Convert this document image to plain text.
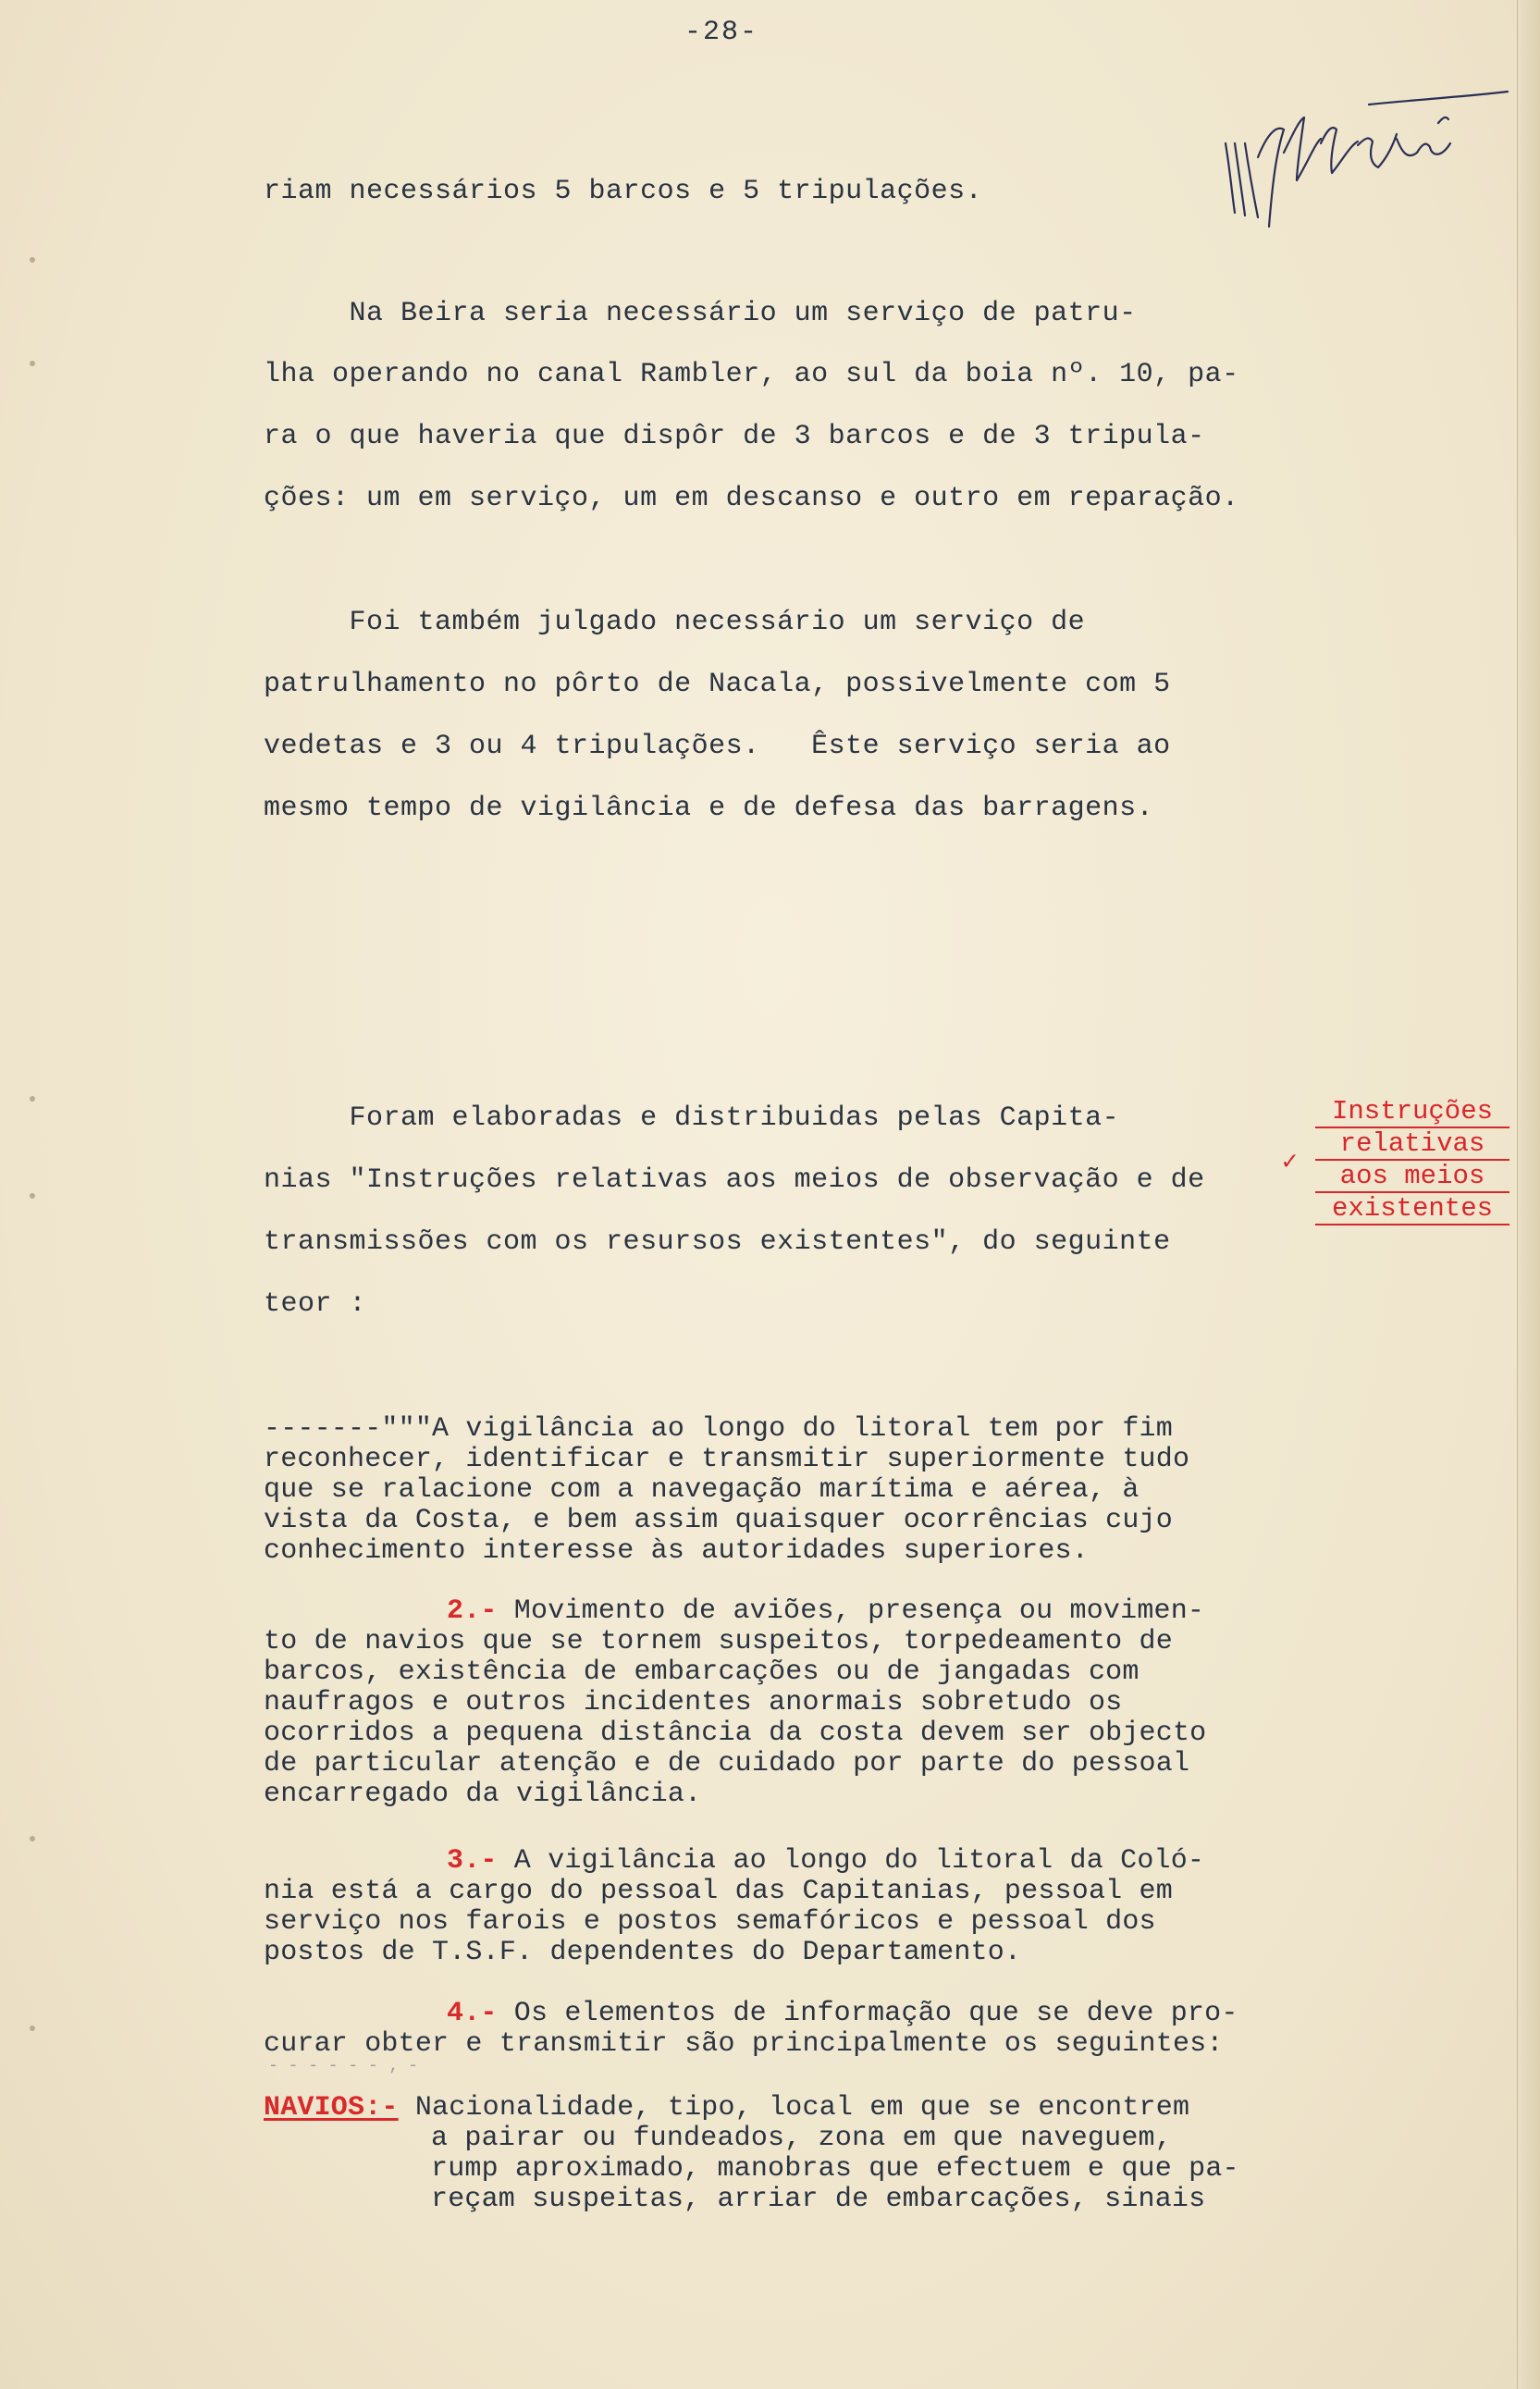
-28-
riam necessários 5 barcos e 5 tripulações.
Na Beira seria necessário um serviço de patru-
lha operando no canal Rambler, ao sul da boia nº. 10, pa-
ra o que haveria que dispôr de 3 barcos e de 3 tripula-
ções: um em serviço, um em descanso e outro em reparação.
Foi também julgado necessário um serviço de
patrulhamento no pôrto de Nacala, possivelmente com 5
vedetas e 3 ou 4 tripulações.   Êste serviço seria ao
mesmo tempo de vigilância e de defesa das barragens.
Foram elaboradas e distribuidas pelas Capita-
nias "Instruções relativas aos meios de observação e de
transmissões com os resursos existentes", do seguinte
teor :
✓
Instruções
relativas
aos meios
existentes
-------"""A vigilância ao longo do litoral tem por fim
reconhecer, identificar e transmitir superiormente tudo
que se ralacione com a navegação marítima e aérea, à
vista da Costa, e bem assim quaisquer ocorrências cujo
conhecimento interesse às autoridades superiores.
2.- Movimento de aviões, presença ou movimen-
to de navios que se tornem suspeitos, torpedeamento de
barcos, existência de embarcações ou de jangadas com
naufragos e outros incidentes anormais sobretudo os
ocorridos a pequena distância da costa devem ser objecto
de particular atenção e de cuidado por parte do pessoal
encarregado da vigilância.
3.- A vigilância ao longo do litoral da Coló-
nia está a cargo do pessoal das Capitanias, pessoal em
serviço nos farois e postos semafóricos e pessoal dos
postos de T.S.F. dependentes do Departamento.
4.- Os elementos de informação que se deve pro-
curar obter e transmitir são principalmente os seguintes:
- - - - - - ‚ -
NAVIOS:- Nacionalidade, tipo, local em que se encontrem
a pairar ou fundeados, zona em que naveguem,
rump aproximado, manobras que efectuem e que pa-
reçam suspeitas, arriar de embarcações, sinais
